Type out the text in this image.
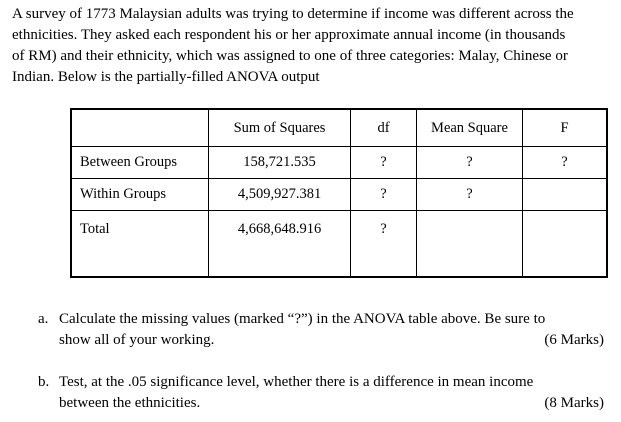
A survey of 1773 Malaysian adults was trying to determine if income was different across the
ethnicities. They asked each respondent his or her approximate annual income (in thousands
of RM) and their ethnicity, which was assigned to one of three categories: Malay, Chinese or
Indian. Below is the partially-filled ANOVA output
	Sum of Squares	df	Mean Square	F
Between Groups	158,721.535	?	?	?
Within Groups	4,509,927.381	?	?	
Total	4,668,648.916	?		
a. Calculate the missing values (marked “?”) in the ANOVA table above. Be sure to
show all of your working.	(6 Marks)
b. Test, at the .05 significance level, whether there is a difference in mean income
between the ethnicities.	(8 Marks)
